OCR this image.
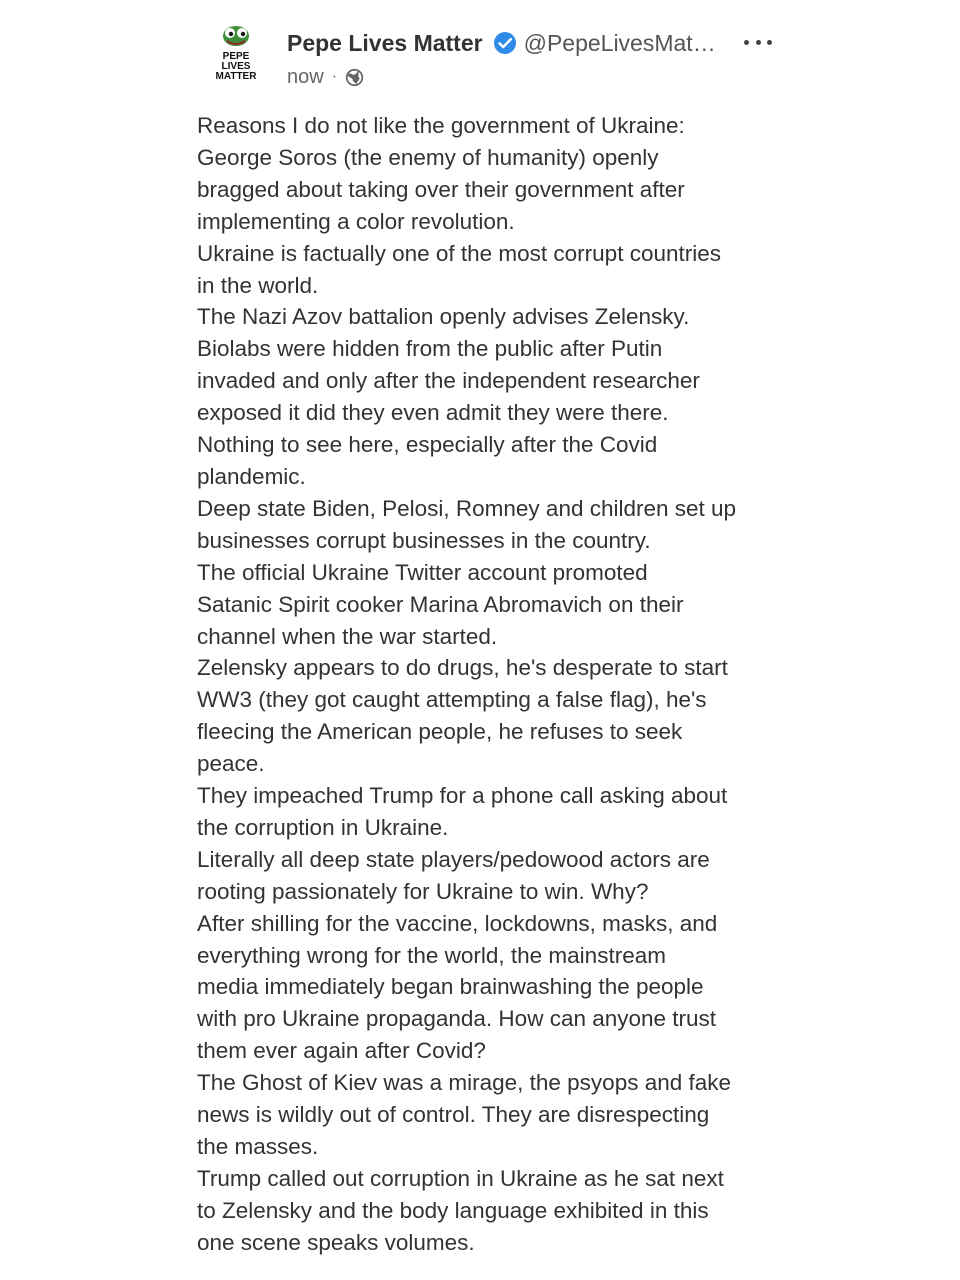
PEPE
LIVES
MATTER
Pepe Lives Matter @PepeLivesMat…
now ·

Reasons I do not like the government of Ukraine:

George Soros (the enemy of humanity) openly

bragged about taking over their government after

implementing a color revolution.

Ukraine is factually one of the most corrupt countries

in the world.

The Nazi Azov battalion openly advises Zelensky.

Biolabs were hidden from the public after Putin

invaded and only after the independent researcher

exposed it did they even admit they were there.

Nothing to see here, especially after the Covid

plandemic.

Deep state Biden, Pelosi, Romney and children set up

businesses corrupt businesses in the country.

The official Ukraine Twitter account promoted

Satanic Spirit cooker Marina Abromavich on their

channel when the war started.

Zelensky appears to do drugs, he's desperate to start

WW3 (they got caught attempting a false flag), he's

fleecing the American people, he refuses to seek

peace.

They impeached Trump for a phone call asking about

the corruption in Ukraine.

Literally all deep state players/pedowood actors are

rooting passionately for Ukraine to win. Why?

After shilling for the vaccine, lockdowns, masks, and

everything wrong for the world, the mainstream

media immediately began brainwashing the people

with pro Ukraine propaganda. How can anyone trust

them ever again after Covid?

The Ghost of Kiev was a mirage, the psyops and fake

news is wildly out of control. They are disrespecting

the masses.

Trump called out corruption in Ukraine as he sat next

to Zelensky and the body language exhibited in this

one scene speaks volumes.
